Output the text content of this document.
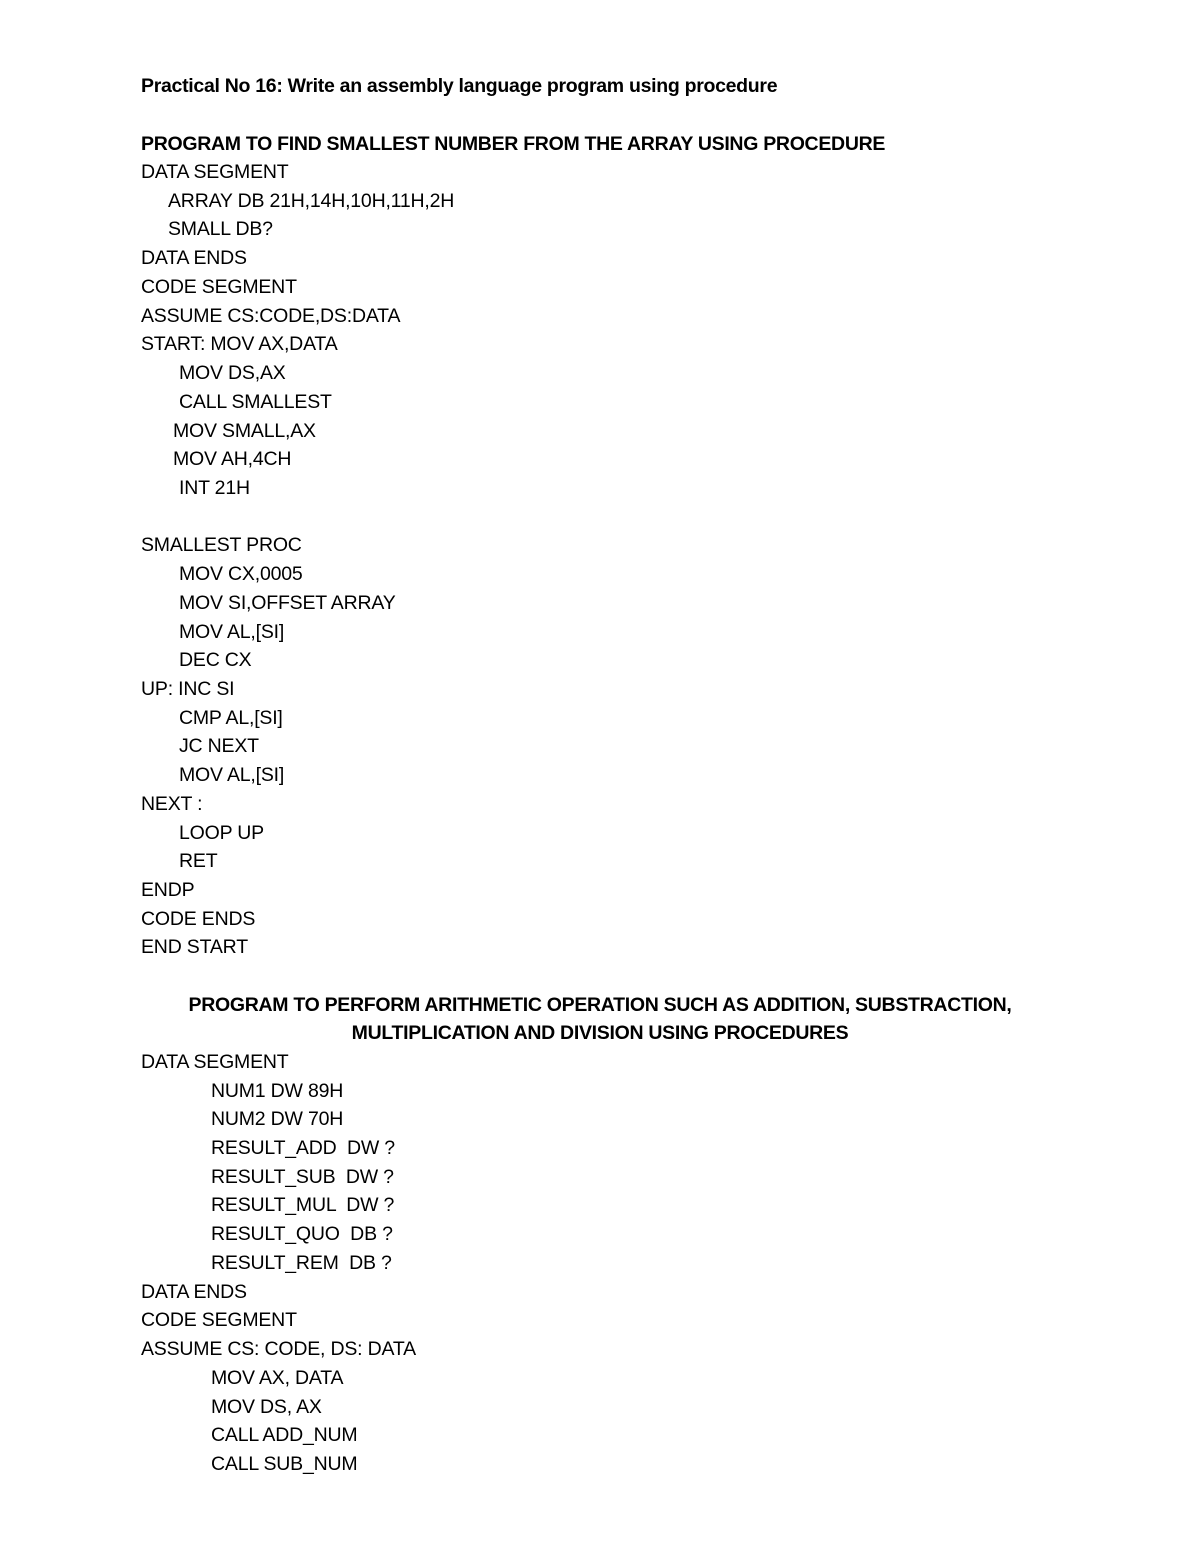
Practical No 16: Write an assembly language program using procedure
PROGRAM TO FIND SMALLEST NUMBER FROM THE ARRAY USING PROCEDURE
DATA SEGMENT
ARRAY DB 21H,14H,10H,11H,2H
SMALL DB?
DATA ENDS
CODE SEGMENT
ASSUME CS:CODE,DS:DATA
START: MOV AX,DATA
MOV DS,AX
CALL SMALLEST
MOV SMALL,AX
MOV AH,4CH
INT 21H
SMALLEST PROC
MOV CX,0005
MOV SI,OFFSET ARRAY
MOV AL,[SI]
DEC CX
UP: INC SI
CMP AL,[SI]
JC NEXT
MOV AL,[SI]
NEXT :
LOOP UP
RET
ENDP
CODE ENDS
END START
PROGRAM TO PERFORM ARITHMETIC OPERATION SUCH AS ADDITION, SUBSTRACTION,
MULTIPLICATION AND DIVISION USING PROCEDURES
DATA SEGMENT
NUM1 DW 89H
NUM2 DW 70H
RESULT_ADD  DW ?
RESULT_SUB  DW ?
RESULT_MUL  DW ?
RESULT_QUO  DB ?
RESULT_REM  DB ?
DATA ENDS
CODE SEGMENT
ASSUME CS: CODE, DS: DATA
MOV AX, DATA
MOV DS, AX
CALL ADD_NUM
CALL SUB_NUM
